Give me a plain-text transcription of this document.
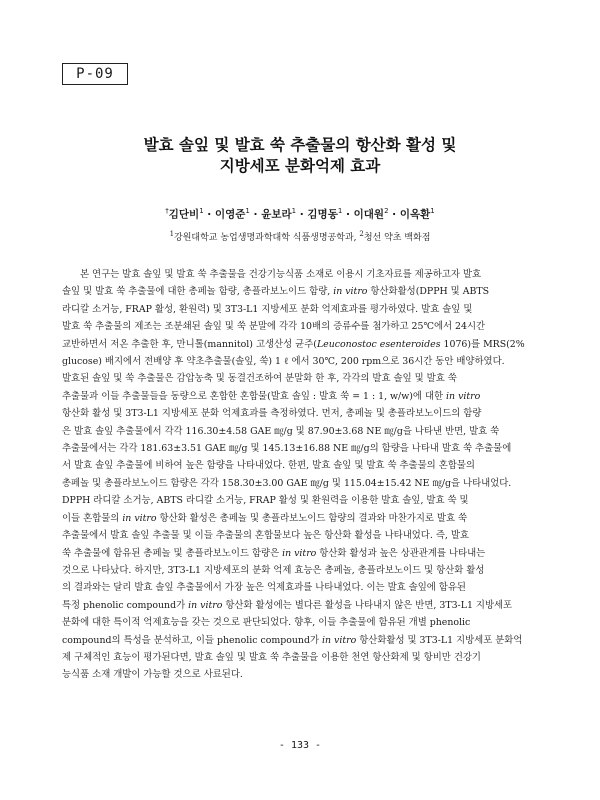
P-09
발효 솔잎 및 발효 쑥 추출물의 항산화 활성 및
지방세포 분화억제 효과
†김단비$^1$ · 이영준$^1$ · 윤보라$^1$ · 김명동$^1$ · 이대원$^2$ · 이옥환$^1$
$^1$강원대학교 농업생명과학대학 식품생명공학과, $^2$청선 약초 백화점
본 연구는 발효 솔잎 및 발효 쑥 추출물을 건강기능식품 소재로 이용시 기초자료를 제공하고자 발효
솔잎 및 발효 쑥 추출물에 대한 총페놀 함량, 총플라보노이드 함량, in vitro 항산화활성(DPPH 및 ABTS
라디칼 소거능, FRAP 활성, 환원력) 및 3T3-L1 지방세포 분화 억제효과를 평가하였다. 발효 솔잎 및
발효 쑥 추출물의 제조는 조분쇄된 솔잎 및 쑥 분말에 각각 10배의 증류수를 첨가하고 25℃에서 24시간
교반하면서 저온 추출한 후, 만니톨(mannitol) 고생산성 균주(Leuconostoc esenteroides 1076)를 MRS(2%
glucose) 배지에서 전배양 후 약초추출물(솔잎, 쑥) 1 ℓ 에서 30℃, 200 rpm으로 36시간 동안 배양하였다.
발효된 솔잎 및 쑥 추출물은 감압농축 및 동결건조하여 분말화 한 후, 각각의 발효 솔잎 및 발효 쑥
추출물과 이들 추출물들을 동량으로 혼합한 혼합물(발효 솔잎 : 발효 쑥 = 1 : 1, w/w)에 대한 in vitro
항산화 활성 및 3T3-L1 지방세포 분화 억제효과를 측정하였다. 먼저, 총페놀 및 총플라보노이드의 함량
은 발효 솔잎 추출물에서 각각 116.30±4.58 GAE ㎎/g 및 87.90±3.68 NE ㎎/g을 나타낸 반면, 발효 쑥
추출물에서는 각각 181.63±3.51 GAE ㎎/g 및 145.13±16.88 NE ㎎/g의 함량을 나타내 발효 쑥 추출물에
서 발효 솔잎 추출물에 비하여 높은 함량을 나타내었다. 한편, 발효 솔잎 및 발효 쑥 추출물의 혼합물의
총페놀 및 총플라보노이드 함량은 각각 158.30±3.00 GAE ㎎/g 및 115.04±15.42 NE ㎎/g을 나타내었다.
DPPH 라디칼 소거능, ABTS 라디칼 소거능, FRAP 활성 및 환원력을 이용한 발효 솔잎, 발효 쑥 및
이들 혼합물의 in vitro 항산화 활성은 총페놀 및 총플라보노이드 함량의 결과와 마찬가지로 발효 쑥
추출물에서 발효 솔잎 추출물 및 이들 추출물의 혼합물보다 높은 항산화 활성을 나타내었다. 즉, 발효
쑥 추출물에 함유된 총페놀 및 총플라보노이드 함량은 in vitro 항산화 활성과 높은 상관관계를 나타내는
것으로 나타났다. 하지만, 3T3-L1 지방세포의 분화 억제 효능은 총페놀, 총플라보노이드 및 항산화 활성
의 결과와는 달리 발효 솔잎 추출물에서 가장 높은 억제효과를 나타내었다. 이는 발효 솔잎에 함유된
특정 phenolic compound가 in vitro 항산화 활성에는 별다른 활성을 나타내지 않은 반면, 3T3-L1 지방세포
분화에 대한 특이적 억제효능을 갖는 것으로 판단되었다. 향후, 이들 추출물에 함유된 개별 phenolic
compound의 특성을 분석하고, 이들 phenolic compound가 in vitro 항산화활성 및 3T3-L1 지방세포 분화억
제 구체적인 효능이 평가된다면, 발효 솔잎 및 발효 쑥 추출물을 이용한 천연 항산화제 및 항비만 건강기
능식품 소재 개발이 가능할 것으로 사료된다.
- 133 -
